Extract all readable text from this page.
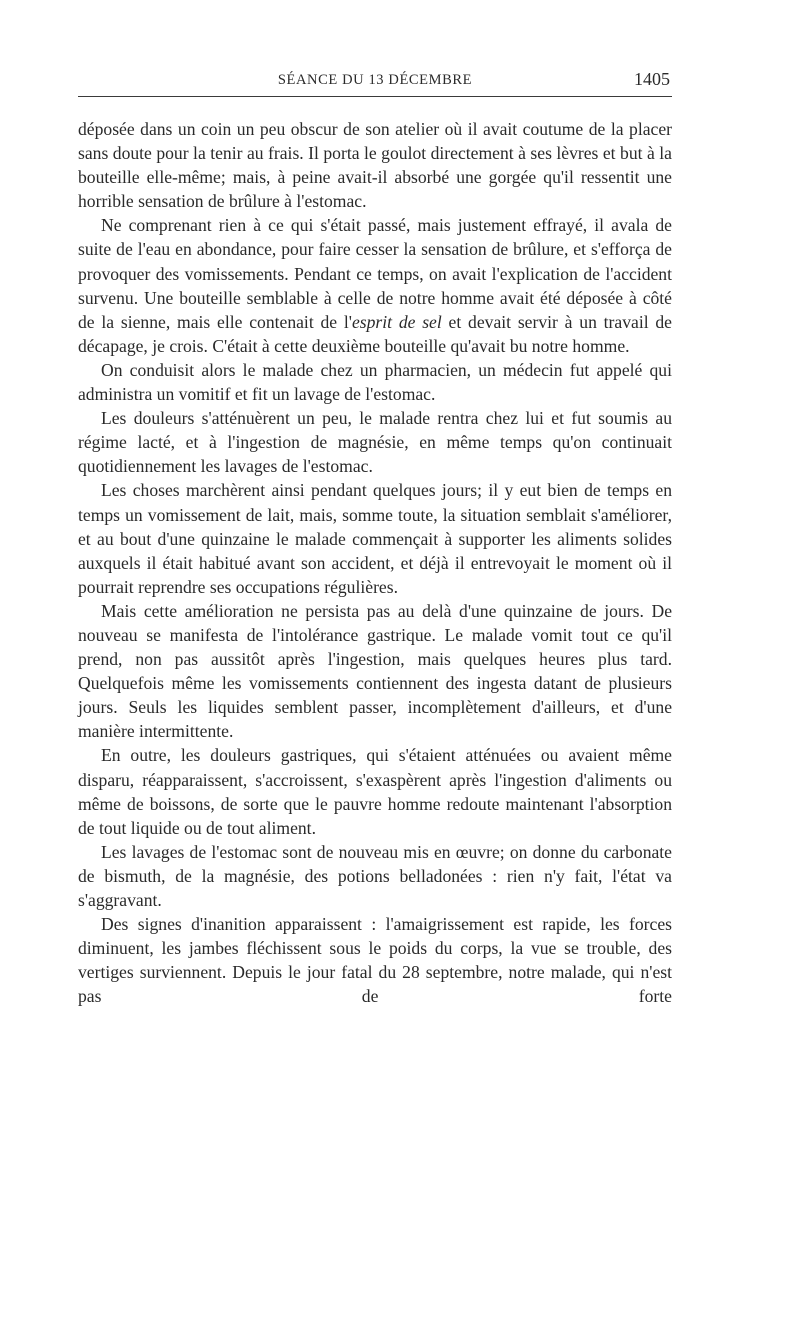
SÉANCE DU 13 DÉCEMBRE	1405

déposée dans un coin un peu obscur de son atelier où il avait coutume de la placer sans doute pour la tenir au frais. Il porta le goulot directement à ses lèvres et but à la bouteille elle-même; mais, à peine avait-il absorbé une gorgée qu'il ressentit une horrible sensation de brûlure à l'estomac.

Ne comprenant rien à ce qui s'était passé, mais justement effrayé, il avala de suite de l'eau en abondance, pour faire cesser la sensation de brûlure, et s'efforça de provoquer des vomissements. Pendant ce temps, on avait l'explication de l'accident survenu. Une bouteille semblable à celle de notre homme avait été déposée à côté de la sienne, mais elle contenait de l'esprit de sel et devait servir à un travail de décapage, je crois. C'était à cette deuxième bouteille qu'avait bu notre homme.

On conduisit alors le malade chez un pharmacien, un médecin fut appelé qui administra un vomitif et fit un lavage de l'estomac.

Les douleurs s'atténuèrent un peu, le malade rentra chez lui et fut soumis au régime lacté, et à l'ingestion de magnésie, en même temps qu'on continuait quotidiennement les lavages de l'estomac.

Les choses marchèrent ainsi pendant quelques jours; il y eut bien de temps en temps un vomissement de lait, mais, somme toute, la situation semblait s'améliorer, et au bout d'une quinzaine le malade commençait à supporter les aliments solides auxquels il était habitué avant son accident, et déjà il entrevoyait le moment où il pourrait reprendre ses occupations régulières.

Mais cette amélioration ne persista pas au delà d'une quinzaine de jours. De nouveau se manifesta de l'intolérance gastrique. Le malade vomit tout ce qu'il prend, non pas aussitôt après l'ingestion, mais quelques heures plus tard. Quelquefois même les vomissements contiennent des ingesta datant de plusieurs jours. Seuls les liquides semblent passer, incomplètement d'ailleurs, et d'une manière intermittente.

En outre, les douleurs gastriques, qui s'étaient atténuées ou avaient même disparu, réapparaissent, s'accroissent, s'exaspèrent après l'ingestion d'aliments ou même de boissons, de sorte que le pauvre homme redoute maintenant l'absorption de tout liquide ou de tout aliment.

Les lavages de l'estomac sont de nouveau mis en œuvre; on donne du carbonate de bismuth, de la magnésie, des potions belladonées : rien n'y fait, l'état va s'aggravant.

Des signes d'inanition apparaissent : l'amaigrissement est rapide, les forces diminuent, les jambes fléchissent sous le poids du corps, la vue se trouble, des vertiges surviennent. Depuis le jour fatal du 28 septembre, notre malade, qui n'est pas de forte
